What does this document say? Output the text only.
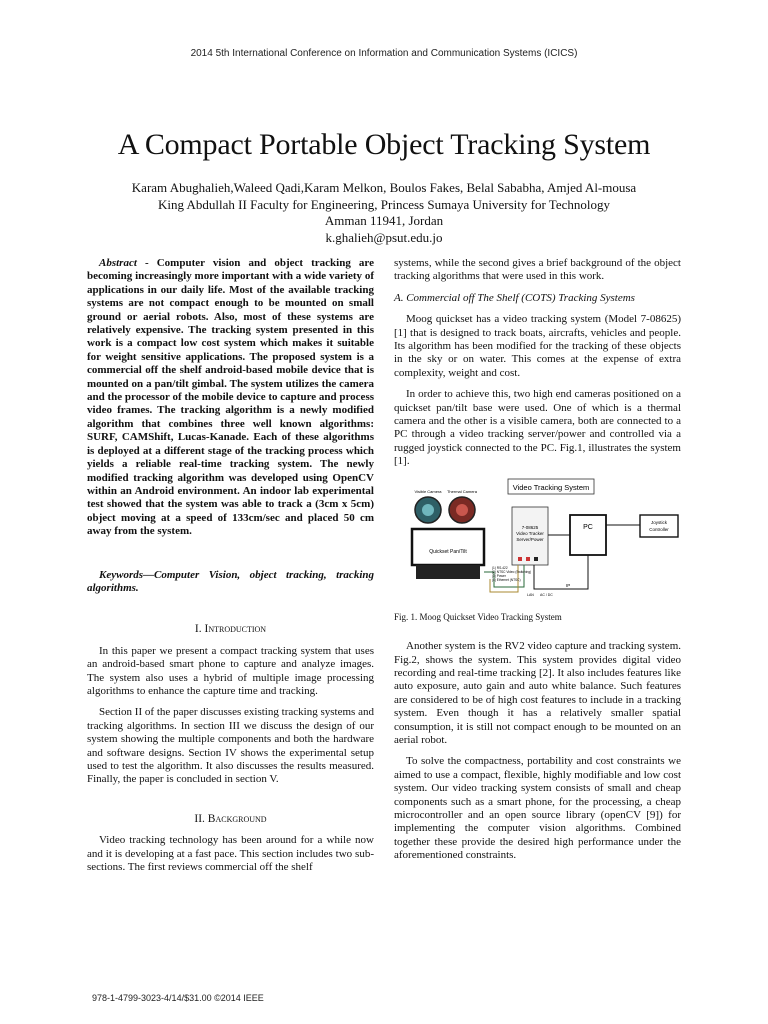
2014 5th International Conference on Information and Communication Systems (ICICS)
A Compact Portable Object Tracking System
Karam Abughalieh,Waleed Qadi,Karam Melkon, Boulos Fakes, Belal Sababha, Amjed Al-mousa
King Abdullah II Faculty for Engineering, Princess Sumaya University for Technology
Amman 11941, Jordan
k.ghalieh@psut.edu.jo

Abstract - Computer vision and object tracking are becoming increasingly more important with a wide variety of applications in our daily life. Most of the available tracking systems are not compact enough to be mounted on small ground or aerial robots. Also, most of these systems are relatively expensive. The tracking system presented in this work is a compact low cost system which makes it suitable for weight sensitive applications. The proposed system is a commercial off the shelf android-based mobile device that is mounted on a pan/tilt gimbal. The system utilizes the camera and the processor of the mobile device to capture and process video frames. The tracking algorithm is a newly modified algorithm that combines three well known algorithms: SURF, CAMShift, Lucas-Kanade. Each of these algorithms is deployed at a different stage of the tracking process which yields a reliable real-time tracking system. The newly modified tracking algorithm was developed using OpenCV within an Android environment. An indoor lab experimental test showed that the system was able to track a (3cm x 5cm) object moving at a speed of 133cm/sec and placed 50 cm away from the system.

Keywords—Computer Vision, object tracking, tracking algorithms.

I. Introduction

In this paper we present a compact tracking system that uses an android-based smart phone to capture and analyze images. The system also uses a hybrid of multiple image processing algorithms to enhance the capture time and tracking.

Section II of the paper discusses existing tracking systems and tracking algorithms. In section III we discuss the design of our system showing the multiple components and both the hardware and software designs. Section IV shows the experimental setup used to test the algorithm. It also discusses the results measured. Finally, the paper is concluded in section V.

II. Background

Video tracking technology has been around for a while now and it is developing at a fast pace. This section includes two sub-sections. The first reviews commercial off the shelf

systems, while the second gives a brief background of the object tracking algorithms that were used in this work.

A. Commercial off The Shelf (COTS) Tracking Systems

Moog quickset has a video tracking system (Model 7-08625)[1] that is designed to track boats, aircrafts, vehicles and people. Its algorithm has been modified for the tracking of these objects in the sky or on water. This comes at the expense of extra complexity, weight and cost.

In order to achieve this, two high end cameras positioned on a quickset pan/tilt base were used. One of which is a thermal camera and the other is a visible camera, both are connected to a PC through a video tracking server/power and controlled via a rugged joystick connected to the PC. Fig.1, illustrates the system [1].

Video Tracking System
Visible Camera Thermal Camera
Quickset Pan/Tilt
7-08625
Video Tracker
Server/Power
PC
Joystick
Controller
(1) RS-422
(2) NTSC Video (Switching)
(3) Power
(4) Ethernet (NTSC)
IP
LAN AC / DC
Fig. 1. Moog Quickset Video Tracking System

Another system is the RV2 video capture and tracking system. Fig.2, shows the system. This system provides digital video recording and real-time tracking [2]. It also includes features like auto exposure, auto gain and auto white balance. Such features are considered to be of high cost features to include in a tracking system. Even though it has a relatively smaller spatial consumption, it is still not compact enough to be mounted on an aerial robot.

To solve the compactness, portability and cost constraints we aimed to use a compact, flexible, highly modifiable and low cost system. Our video tracking system consists of small and cheap components such as a smart phone, for the processing, a cheap microcontroller and an open source library (openCV [9]) for implementing the computer vision algorithms. Combined together these provide the desired high performance under the aforementioned constraints.

978-1-4799-3023-4/14/$31.00 ©2014 IEEE
